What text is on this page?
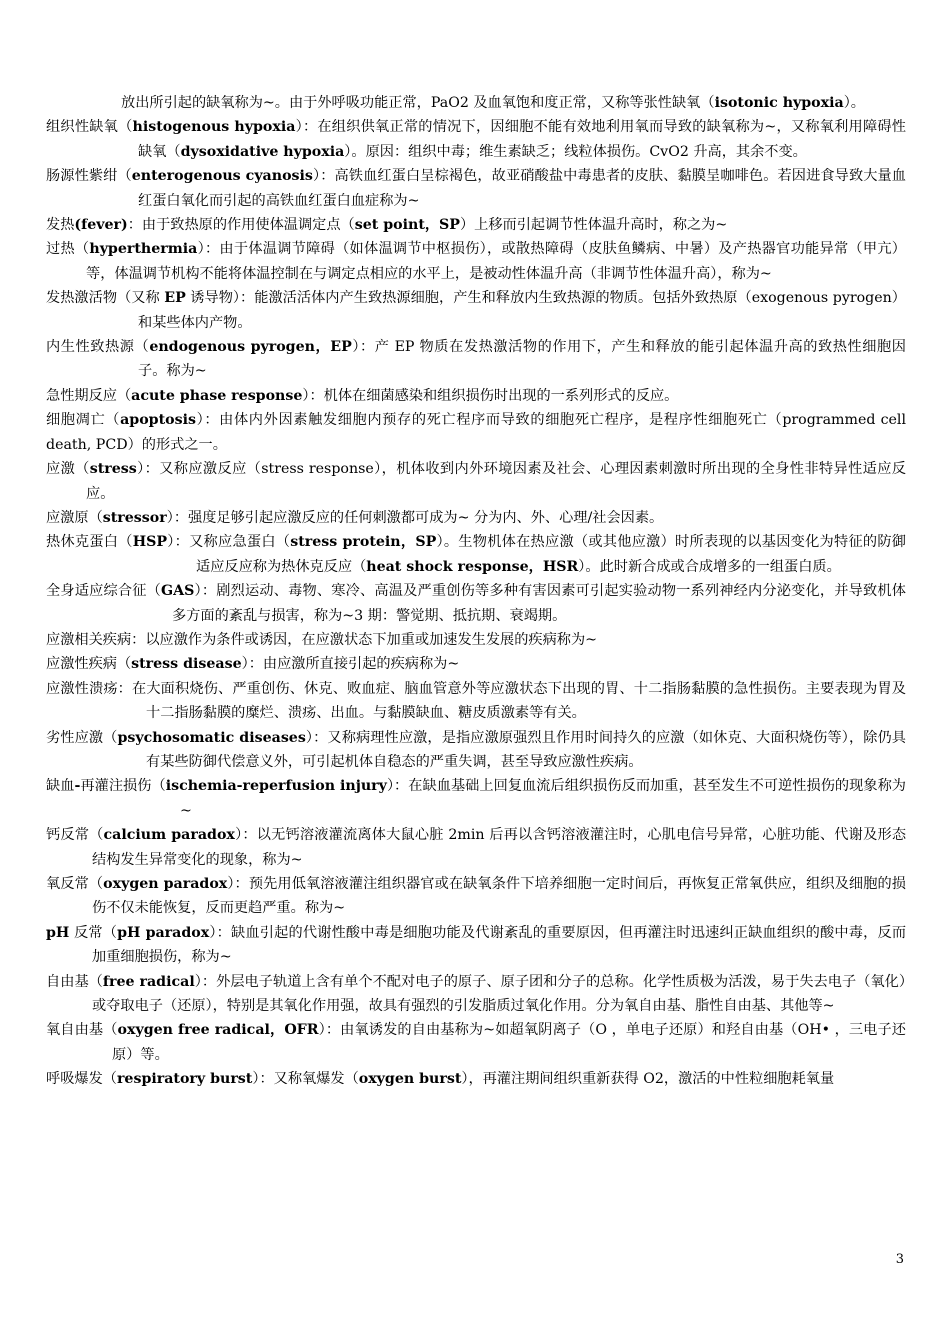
放出所引起的缺氧称为~。由于外呼吸功能正常，PaO2 及血氧饱和度正常，又称等张性缺氧（isotonic hypoxia）。

组织性缺氧（histogenous hypoxia）：在组织供氧正常的情况下，因细胞不能有效地利用氧而导致的缺氧称为~，又称氧利用障碍性缺氧（dysoxidative hypoxia）。原因：组织中毒；维生素缺乏；线粒体损伤。CvO2 升高，其余不变。

肠源性紫绀（enterogenous cyanosis）：高铁血红蛋白呈棕褐色，故亚硝酸盐中毒患者的皮肤、黏膜呈咖啡色。若因进食导致大量血红蛋白氧化而引起的高铁血红蛋白血症称为~

发热(fever)：由于致热原的作用使体温调定点（set point，SP）上移而引起调节性体温升高时，称之为~

过热（hyperthermia）：由于体温调节障碍（如体温调节中枢损伤），或散热障碍（皮肤鱼鳞病、中暑）及产热器官功能异常（甲亢）等，体温调节机构不能将体温控制在与调定点相应的水平上，是被动性体温升高（非调节性体温升高），称为~

发热激活物（又称 EP 诱导物）：能激活活体内产生致热源细胞，产生和释放内生致热源的物质。包括外致热原（exogenous pyrogen）和某些体内产物。

内生性致热源（endogenous pyrogen，EP）：产 EP 物质在发热激活物的作用下，产生和释放的能引起体温升高的致热性细胞因子。称为~

急性期反应（acute phase response）：机体在细菌感染和组织损伤时出现的一系列形式的反应。

细胞凋亡（apoptosis）：由体内外因素触发细胞内预存的死亡程序而导致的细胞死亡程序，是程序性细胞死亡（programmed cell death, PCD）的形式之一。

应激（stress）：又称应激反应（stress response），机体收到内外环境因素及社会、心理因素刺激时所出现的全身性非特异性适应反应。

应激原（stressor）：强度足够引起应激反应的任何刺激都可成为~ 分为内、外、心理/社会因素。

热休克蛋白（HSP）：又称应急蛋白（stress protein，SP）。生物机体在热应激（或其他应激）时所表现的以基因变化为特征的防御适应反应称为热休克反应（heat shock response，HSR）。此时新合成或合成增多的一组蛋白质。

全身适应综合征（GAS）：剧烈运动、毒物、寒冷、高温及严重创伤等多种有害因素可引起实验动物一系列神经内分泌变化，并导致机体多方面的紊乱与损害，称为~3 期：警觉期、抵抗期、衰竭期。

应激相关疾病：以应激作为条件或诱因，在应激状态下加重或加速发生发展的疾病称为~

应激性疾病（stress disease）：由应激所直接引起的疾病称为~

应激性溃疡：在大面积烧伤、严重创伤、休克、败血症、脑血管意外等应激状态下出现的胃、十二指肠黏膜的急性损伤。主要表现为胃及十二指肠黏膜的糜烂、溃疡、出血。与黏膜缺血、糖皮质激素等有关。

劣性应激（psychosomatic diseases）：又称病理性应激，是指应激原强烈且作用时间持久的应激（如休克、大面积烧伤等），除仍具有某些防御代偿意义外，可引起机体自稳态的严重失调，甚至导致应激性疾病。

缺血-再灌注损伤（ischemia-reperfusion injury）：在缺血基础上回复血流后组织损伤反而加重，甚至发生不可逆性损伤的现象称为~

钙反常（calcium paradox）：以无钙溶液灌流离体大鼠心脏 2min 后再以含钙溶液灌注时，心肌电信号异常，心脏功能、代谢及形态结构发生异常变化的现象，称为~

氧反常（oxygen paradox）：预先用低氧溶液灌注组织器官或在缺氧条件下培养细胞一定时间后，再恢复正常氧供应，组织及细胞的损伤不仅未能恢复，反而更趋严重。称为~

pH 反常（pH paradox）：缺血引起的代谢性酸中毒是细胞功能及代谢紊乱的重要原因，但再灌注时迅速纠正缺血组织的酸中毒，反而加重细胞损伤，称为~

自由基（free radical）：外层电子轨道上含有单个不配对电子的原子、原子团和分子的总称。化学性质极为活泼，易于失去电子（氧化）或夺取电子（还原），特别是其氧化作用强，故具有强烈的引发脂质过氧化作用。分为氧自由基、脂性自由基、其他等~

氧自由基（oxygen free radical，OFR）：由氧诱发的自由基称为~如超氧阴离子（O ，单电子还原）和羟自由基（OH• ，三电子还原）等。

呼吸爆发（respiratory burst）：又称氧爆发（oxygen burst），再灌注期间组织重新获得 O2，激活的中性粒细胞耗氧量

3
